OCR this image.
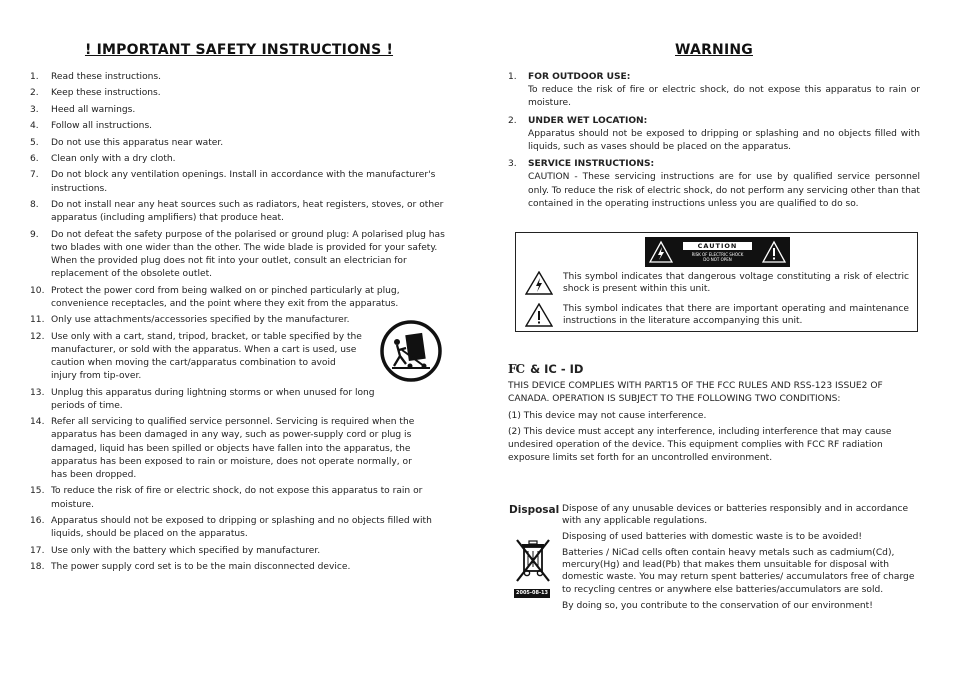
! IMPORTANT SAFETY INSTRUCTIONS !
1.	Read these instructions.
2.	Keep these instructions.
3.	Heed all warnings.
4.	Follow all instructions.
5.	Do not use this apparatus near water.
6.	Clean only with a dry cloth.
7.	Do not block any ventilation openings. Install in accordance with the manufacturer's instructions.
8.	Do not install near any heat sources such as radiators, heat registers, stoves, or other apparatus (including amplifiers) that produce heat.
9.	Do not defeat the safety purpose of the polarised or ground plug: A polarised plug has two blades with one wider than the other. The wide blade is provided for your safety. When the provided plug does not fit into your outlet, consult an electrician for replacement of the obsolete outlet.
10. Protect the power cord from being walked on or pinched particularly at plug, convenience receptacles, and the point where they exit from the apparatus.
11. Only use attachments/accessories specified by the manufacturer.
12. Use only with a cart, stand, tripod, bracket, or table specified by the manufacturer, or sold with the apparatus. When a cart is used, use caution when moving the cart/apparatus combination to avoid injury from tip-over.
13. Unplug this apparatus during lightning storms or when unused for long periods of time.
14. Refer all servicing to qualified service personnel. Servicing is required when the apparatus has been damaged in any way, such as power-supply cord or plug is damaged, liquid has been spilled or objects have fallen into the apparatus, the apparatus has been exposed to rain or moisture, does not operate normally, or has been dropped.
15. To reduce the risk of fire or electric shock, do not expose this apparatus to rain or moisture.
16. Apparatus should not be exposed to dripping or splashing and no objects filled with liquids, should be placed on the apparatus.
17. Use only with the battery which specified by manufacturer.
18. The power supply cord set is to be the main disconnected device.
WARNING
1.	FOR OUTDOOR USE:
To reduce the risk of fire or electric shock, do not expose this apparatus to rain or moisture.
2.	UNDER WET LOCATION:
Apparatus should not be exposed to dripping or splashing and no objects filled with liquids, such as vases should be placed on the apparatus.
3.	SERVICE INSTRUCTIONS:
CAUTION - These servicing instructions are for use by qualified service personnel only. To reduce the risk of electric shock, do not perform any servicing other than that contained in the operating instructions unless you are qualified to do so.
CAUTION
RISK OF ELECTRIC SHOCK
DO NOT OPEN
This symbol indicates that dangerous voltage constituting a risk of electric shock is present within this unit.
This symbol indicates that there are important operating and maintenance instructions in the literature accompanying this unit.
FC & IC - ID

THIS DEVICE COMPLIES WITH PART15 OF THE FCC RULES AND RSS-123 ISSUE2 OF CANADA. OPERATION IS SUBJECT TO THE FOLLOWING TWO CONDITIONS:

(1) This device may not cause interference.

(2) This device must accept any interference, including interference that may cause undesired operation of the device. This equipment complies with FCC RF radiation exposure limits set forth for an uncontrolled environment.

Disposal
2005-08-13

Dispose of any unusable devices or batteries responsibly and in accordance with any applicable regulations.

Disposing of used batteries with domestic waste is to be avoided!

Batteries / NiCad cells often contain heavy metals such as cadmium(Cd), mercury(Hg) and lead(Pb) that makes them unsuitable for disposal with domestic waste. You may return spent batteries/ accumulators free of charge to recycling centres or anywhere else batteries/accumulators are sold.

By doing so, you contribute to the conservation of our environment!
